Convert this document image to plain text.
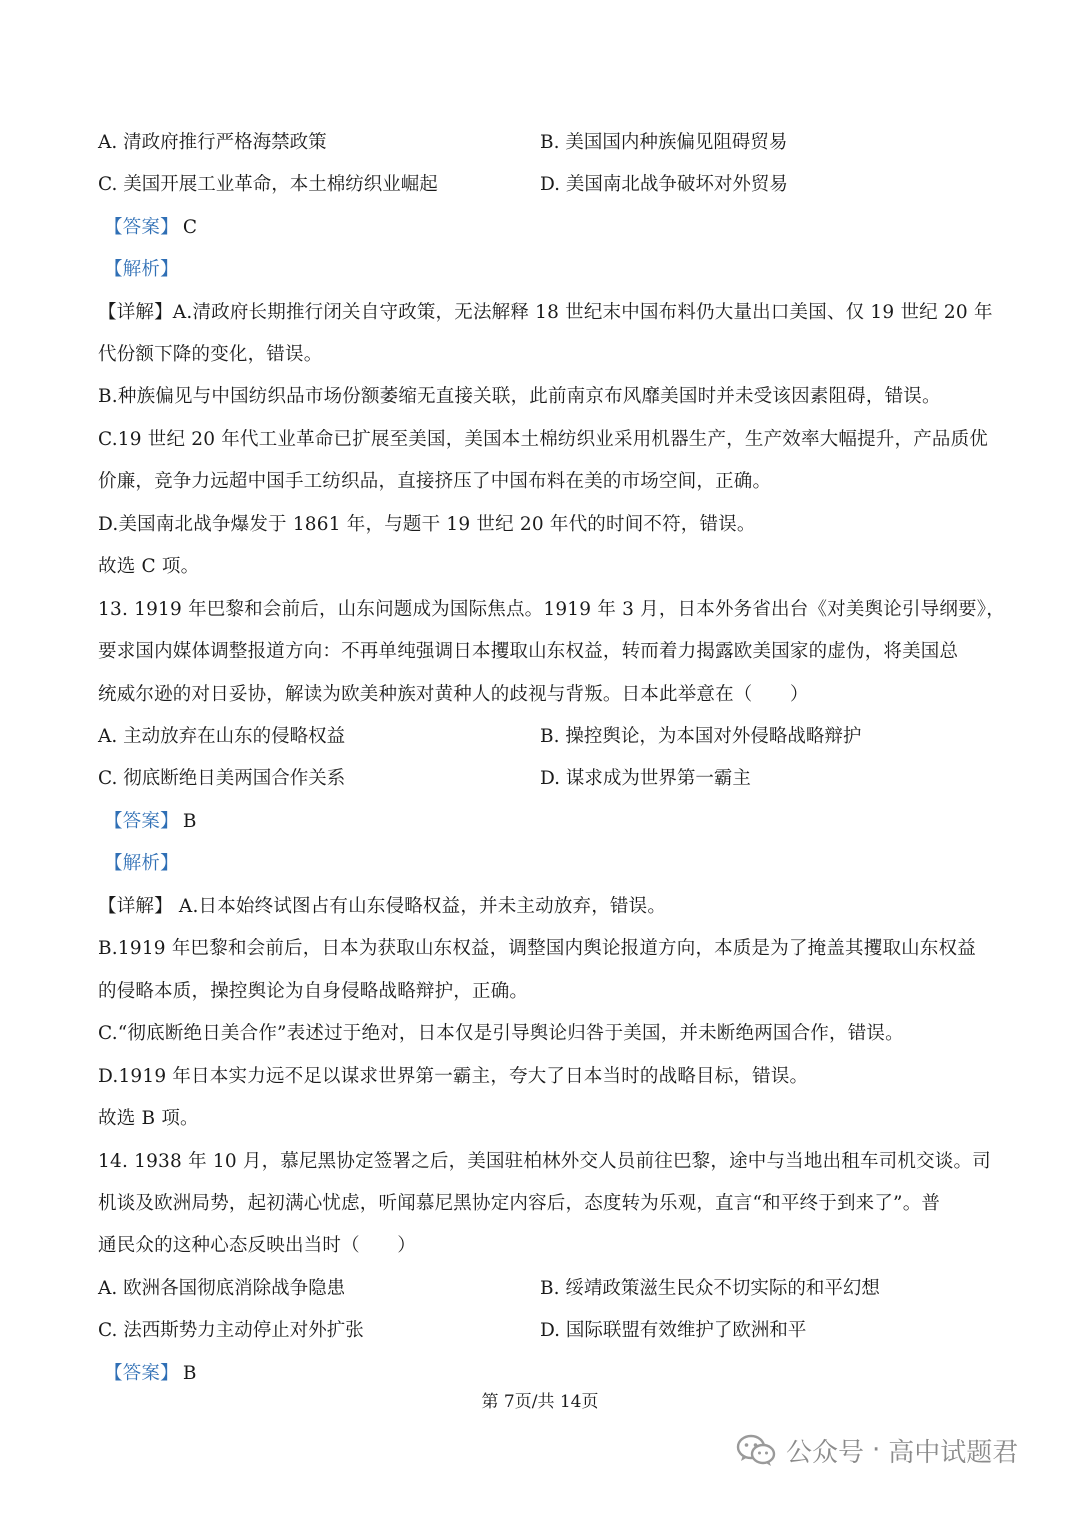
A. 清政府推行严格海禁政策	B. 美国国内种族偏见阻碍贸易
C. 美国开展工业革命，本土棉纺织业崛起	D. 美国南北战争破坏对外贸易
【答案】 C
【解析】
【详解】A.清政府长期推行闭关自守政策，无法解释 18 世纪末中国布料仍大量出口美国、仅 19 世纪 20 年
代份额下降的变化，错误。
B.种族偏见与中国纺织品市场份额萎缩无直接关联，此前南京布风靡美国时并未受该因素阻碍，错误。
C.19 世纪 20 年代工业革命已扩展至美国，美国本土棉纺织业采用机器生产，生产效率大幅提升，产品质优
价廉，竞争力远超中国手工纺织品，直接挤压了中国布料在美的市场空间，正确。
D.美国南北战争爆发于 1861 年，与题干 19 世纪 20 年代的时间不符，错误。
故选 C 项。
13. 1919 年巴黎和会前后，山东问题成为国际焦点。1919 年 3 月，日本外务省出台《对美舆论引导纲要》，
要求国内媒体调整报道方向：不再单纯强调日本攫取山东权益，转而着力揭露欧美国家的虚伪，将美国总
统威尔逊的对日妥协，解读为欧美种族对黄种人的歧视与背叛。日本此举意在（　　）
A. 主动放弃在山东的侵略权益	B. 操控舆论，为本国对外侵略战略辩护
C. 彻底断绝日美两国合作关系	D. 谋求成为世界第一霸主
【答案】 B
【解析】
【详解】 A.日本始终试图占有山东侵略权益，并未主动放弃，错误。
B.1919 年巴黎和会前后，日本为获取山东权益，调整国内舆论报道方向，本质是为了掩盖其攫取山东权益
的侵略本质，操控舆论为自身侵略战略辩护，正确。
C.“彻底断绝日美合作”表述过于绝对，日本仅是引导舆论归咎于美国，并未断绝两国合作，错误。
D.1919 年日本实力远不足以谋求世界第一霸主，夸大了日本当时的战略目标，错误。
故选 B 项。
14. 1938 年 10 月，慕尼黑协定签署之后，美国驻柏林外交人员前往巴黎，途中与当地出租车司机交谈。司
机谈及欧洲局势，起初满心忧虑，听闻慕尼黑协定内容后，态度转为乐观，直言“和平终于到来了”。普
通民众的这种心态反映出当时（　　）
A. 欧洲各国彻底消除战争隐患	B. 绥靖政策滋生民众不切实际的和平幻想
C. 法西斯势力主动停止对外扩张	D. 国际联盟有效维护了欧洲和平
【答案】 B
第 7页/共 14页
公众号 · 高中试题君
